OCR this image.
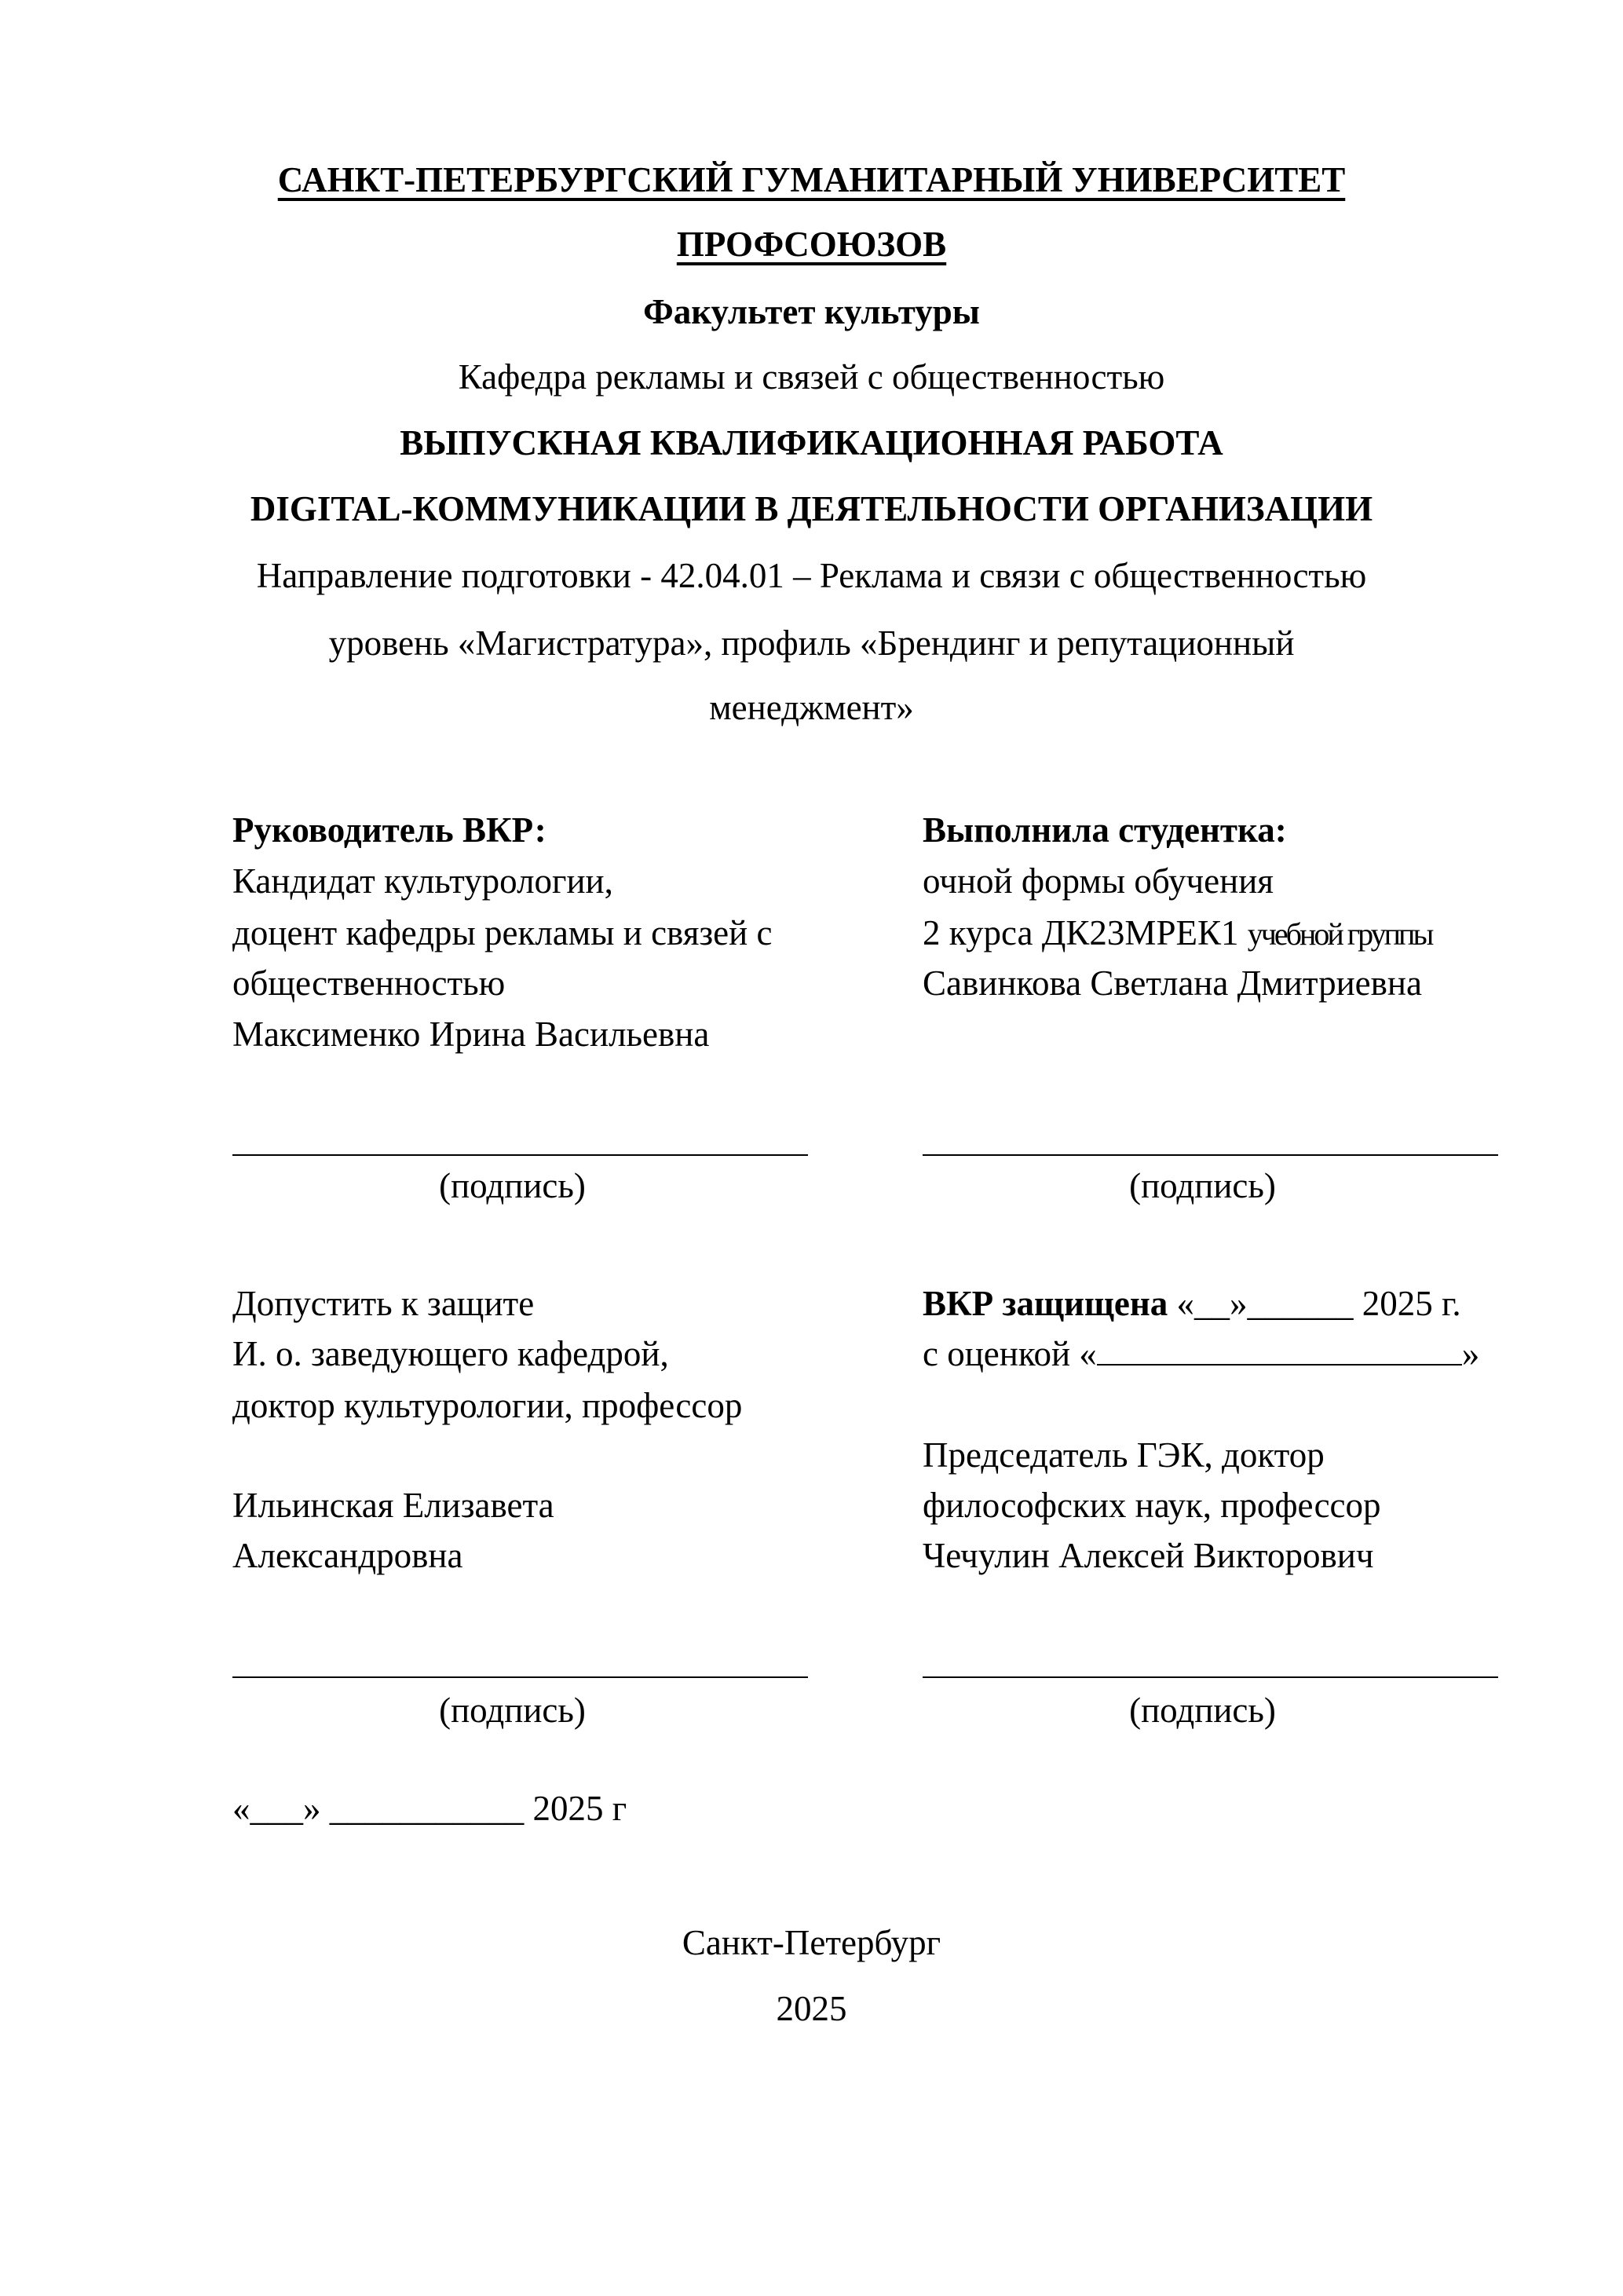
САНКТ-ПЕТЕРБУРГСКИЙ ГУМАНИТАРНЫЙ УНИВЕРСИТЕТ
ПРОФСОЮЗОВ
Факультет культуры
Кафедра рекламы и связей с общественностью
ВЫПУСКНАЯ КВАЛИФИКАЦИОННАЯ РАБОТА
DIGITAL-КОММУНИКАЦИИ В ДЕЯТЕЛЬНОСТИ ОРГАНИЗАЦИИ
Направление подготовки - 42.04.01 – Реклама и связи с общественностью
уровень «Магистратура», профиль «Брендинг и репутационный
менеджмент»
Руководитель ВКР:
Кандидат культурологии,
доцент кафедры рекламы и связей с
общественностью
Максименко Ирина Васильевна
(подпись)
Выполнила студентка:
очной формы обучения
2 курса ДК23МРЕК1 учебной группы
Савинкова Светлана Дмитриевна
(подпись)
Допустить к защите
И. о. заведующего кафедрой,
доктор культурологии, профессор
Ильинская Елизавета
Александровна
(подпись)
«___» ___________ 2025 г
ВКР защищена «__»______ 2025 г.
с оценкой «	»
Председатель ГЭК, доктор
философских наук, профессор
Чечулин Алексей Викторович
(подпись)
Санкт-Петербург
2025
